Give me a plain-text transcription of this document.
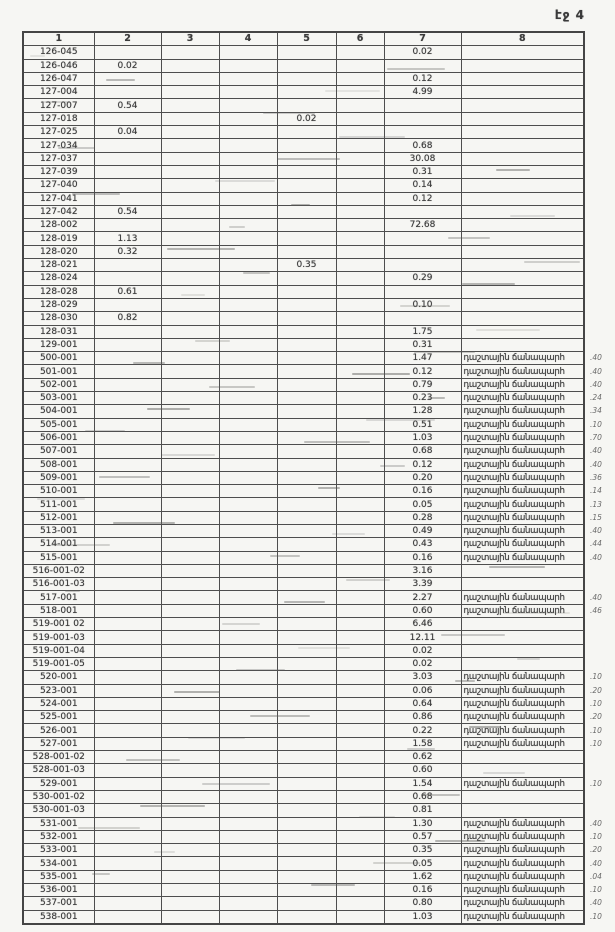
էջ 4
1	2	3	4	5	6	7	8	
126-045						0.02		
126-046	0.02							
126-047						0.12		
127-004						4.99		
127-007	0.54							
127-018				0.02				
127-025	0.04							
127-034						0.68		
127-037						30.08		
127-039						0.31		
127-040						0.14		
127-041						0.12		
127-042	0.54							
128-002						72.68		
128-019	1.13							
128-020	0.32							
128-021				0.35				
128-024						0.29		
128-028	0.61							
128-029						0.10		
128-030	0.82							
128-031						1.75		
129-001						0.31		
500-001						1.47	դաշտային ճանապարհ	.40
501-001						0.12	դաշտային ճանապարհ	.40
502-001						0.79	դաշտային ճանապարհ	.40
503-001						0.23	դաշտային ճանապարհ	.24
504-001						1.28	դաշտային ճանապարհ	.34
505-001						0.51	դաշտային ճանապարհ	.10
506-001						1.03	դաշտային ճանապարհ	.70
507-001						0.68	դաշտային ճանապարհ	.40
508-001						0.12	դաշտային ճանապարհ	.40
509-001						0.20	դաշտային ճանապարհ	.36
510-001						0.16	դաշտային ճանապարհ	.14
511-001						0.05	դաշտային ճանապարհ	.13
512-001						0.28	դաշտային ճանապարհ	.15
513-001						0.49	դաշտային ճանապարհ	.40
514-001						0.43	դաշտային ճանապարհ	.44
515-001						0.16	դաշտային ճանապարհ	.40
516-001-02						3.16		
516-001-03						3.39		
517-001						2.27	դաշտային ճանապարհ	.40
518-001						0.60	դաշտային ճանապարհ	.46
519-001 02						6.46		
519-001-03						12.11		
519-001-04						0.02		
519-001-05						0.02		
520-001						3.03	դաշտային ճանապարհ	.10
523-001						0.06	դաշտային ճանապարհ	.20
524-001						0.64	դաշտային ճանապարհ	.10
525-001						0.86	դաշտային ճանապարհ	.20
526-001						0.22	դաշտային ճանապարհ	.10
527-001						1.58	դաշտային ճանապարհ	.10
528-001-02						0.62		
528-001-03						0.60		
529-001						1.54	դաշտային ճանապարհ	.10
530-001-02						0.68		
530-001-03						0.81		
531-001						1.30	դաշտային ճանապարհ	.40
532-001						0.57	դաշտային ճանապարհ	.10
533-001						0.35	դաշտային ճանապարհ	.20
534-001						0.05	դաշտային ճանապարհ	.40
535-001						1.62	դաշտային ճանապարհ	.04
536-001						0.16	դաշտային ճանապարհ	.10
537-001						0.80	դաշտային ճանապարհ	.40
538-001						1.03	դաշտային ճանապարհ	.10
